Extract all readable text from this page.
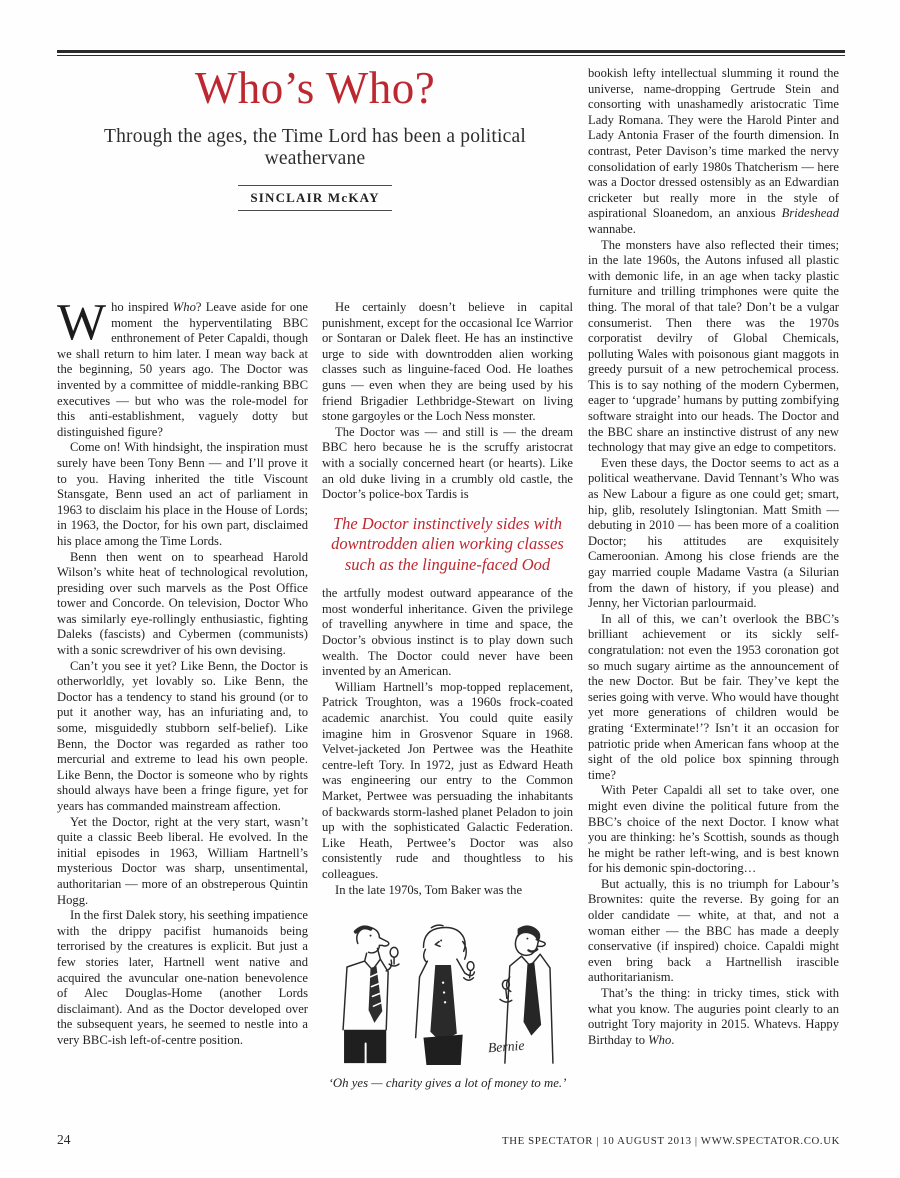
Who’s Who?
Through the ages, the Time Lord has been a political weathervane
SINCLAIR McKAY

Who inspired Who? Leave aside for one moment the hyperventilating BBC enthronement of Peter Capaldi, though we shall return to him later. I mean way back at the beginning, 50 years ago. The Doctor was invented by a committee of middle-ranking BBC executives — but who was the role-model for this anti-establishment, vaguely dotty but distinguished figure?

Come on! With hindsight, the inspiration must surely have been Tony Benn — and I’ll prove it to you. Having inherited the title Viscount Stansgate, Benn used an act of parliament in 1963 to disclaim his place in the House of Lords; in 1963, the Doctor, for his own part, disclaimed his place among the Time Lords.

Benn then went on to spearhead Harold Wilson’s white heat of technological revolution, presiding over such marvels as the Post Office tower and Concorde. On television, Doctor Who was similarly eye-rollingly enthusiastic, fighting Daleks (fascists) and Cybermen (communists) with a sonic screwdriver of his own devising.

Can’t you see it yet? Like Benn, the Doctor is otherworldly, yet lovably so. Like Benn, the Doctor has a tendency to stand his ground (or to put it another way, has an infuriating and, to some, misguidedly stubborn self-belief). Like Benn, the Doctor was regarded as rather too mercurial and extreme to lead his own people. Like Benn, the Doctor is someone who by rights should always have been a fringe figure, yet for years has commanded mainstream affection.

Yet the Doctor, right at the very start, wasn’t quite a classic Beeb liberal. He evolved. In the initial episodes in 1963, William Hartnell’s mysterious Doctor was sharp, unsentimental, authoritarian — more of an obstreperous Quintin Hogg.

In the first Dalek story, his seething impatience with the drippy pacifist humanoids being terrorised by the creatures is explicit. But just a few stories later, Hartnell went native and acquired the avuncular one-nation benevolence of Alec Douglas-Home (another Lords disclaimant). And as the Doctor developed over the subsequent years, he seemed to nestle into a very BBC-ish left-of-centre position.

He certainly doesn’t believe in capital punishment, except for the occasional Ice Warrior or Sontaran or Dalek fleet. He has an instinctive urge to side with downtrodden alien working classes such as linguine-faced Ood. He loathes guns — even when they are being used by his friend Brigadier Lethbridge-Stewart on living stone gargoyles or the Loch Ness monster.

The Doctor was — and still is — the dream BBC hero because he is the scruffy aristocrat with a socially concerned heart (or hearts). Like an old duke living in a crumbly old castle, the Doctor’s police-box Tardis is

The Doctor instinctively sides with downtrodden alien working classes such as the linguine-faced Ood

the artfully modest outward appearance of the most wonderful inheritance. Given the privilege of travelling anywhere in time and space, the Doctor’s obvious instinct is to play down such wealth. The Doctor could never have been invented by an American.

William Hartnell’s mop-topped replacement, Patrick Troughton, was a 1960s frock-coated academic anarchist. You could quite easily imagine him in Grosvenor Square in 1968. Velvet-jacketed Jon Pertwee was the Heathite centre-left Tory. In 1972, just as Edward Heath was engineering our entry to the Common Market, Pertwee was persuading the inhabitants of backwards storm-lashed planet Peladon to join up with the sophisticated Galactic Federation. Like Heath, Pertwee’s Doctor was also consistently rude and thoughtless to his colleagues.

In the late 1970s, Tom Baker was the

Bernie
‘Oh yes — charity gives a lot of money to me.’

bookish lefty intellectual slumming it round the universe, name-dropping Gertrude Stein and consorting with unashamedly aristocratic Time Lady Romana. They were the Harold Pinter and Lady Antonia Fraser of the fourth dimension. In contrast, Peter Davison’s time marked the nervy consolidation of early 1980s Thatcherism — here was a Doctor dressed ostensibly as an Edwardian cricketer but really more in the style of aspirational Sloanedom, an anxious Brideshead wannabe.

The monsters have also reflected their times; in the late 1960s, the Autons infused all plastic with demonic life, in an age when tacky plastic furniture and trilling trimphones were quite the thing. The moral of that tale? Don’t be a vulgar consumerist. Then there was the 1970s corporatist devilry of Global Chemicals, polluting Wales with poisonous giant maggots in greedy pursuit of a new petrochemical process. This is to say nothing of the modern Cybermen, eager to ‘upgrade’ humans by putting zombifying software straight into our heads. The Doctor and the BBC share an instinctive distrust of any new technology that may give an edge to competitors.

Even these days, the Doctor seems to act as a political weathervane. David Tennant’s Who was as New Labour a figure as one could get; smart, hip, glib, resolutely Islingtonian. Matt Smith — debuting in 2010 — has been more of a coalition Doctor; his attitudes are exquisitely Cameroonian. Among his close friends are the gay married couple Madame Vastra (a Silurian from the dawn of history, if you please) and Jenny, her Victorian parlourmaid.

In all of this, we can’t overlook the BBC’s brilliant achievement or its sickly self-congratulation: not even the 1953 coronation got so much sugary airtime as the announcement of the new Doctor. But be fair. They’ve kept the series going with verve. Who would have thought yet more generations of children would be grating ‘Exterminate!’? Isn’t it an occasion for patriotic pride when American fans whoop at the sight of the old police box spinning through time?

With Peter Capaldi all set to take over, one might even divine the political future from the BBC’s choice of the next Doctor. I know what you are thinking: he’s Scottish, sounds as though he might be rather left-wing, and is best known for his demonic spin-doctoring…

But actually, this is no triumph for Labour’s Brownites: quite the reverse. By going for an older candidate — white, at that, and not a woman either — the BBC has made a deeply conservative (if inspired) choice. Capaldi might even bring back a Hartnellish irascible authoritarianism.

That’s the thing: in tricky times, stick with what you know. The auguries point clearly to an outright Tory majority in 2015. Whatevs. Happy Birthday to Who.

24	THE SPECTATOR | 10 AUGUST 2013 | WWW.SPECTATOR.CO.UK
